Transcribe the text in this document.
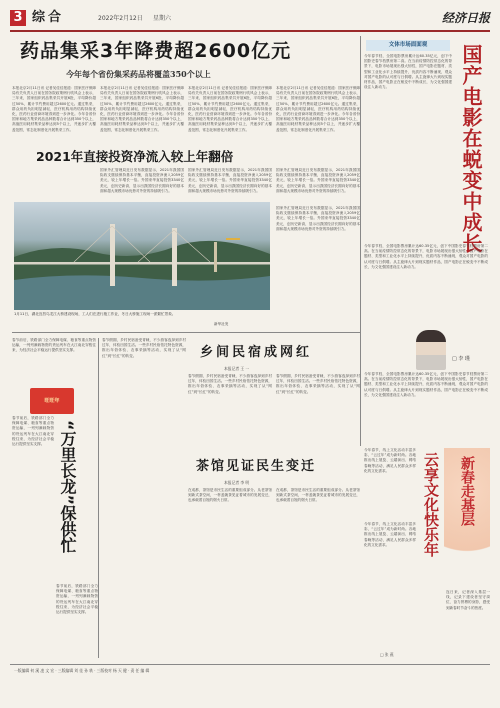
3 综合	2022年2月12日 星期六	经济日报
药品集采3年降费超2600亿元
今年每个省份集采药品将覆盖350个以上
本报北京2月11日讯 记者吴佳佳报道：国家医疗保障局有关负责人日前在国务院政策例行吹风会上表示，三年来，国家组织药品集采共开展6批，平均降价超过50%，累计节约费用超过2600亿元。通过集采，群众用药负担明显减轻，医疗机构用药结构持续优化，医药行业营商环境得到进一步净化。今年各省份国家和地方集采药品品种数将合计达到350个以上，高值医用耗材集采品种达到5个以上，并逐步扩大覆盖范围，常态化制度化开展集采工作。
本报北京2月11日讯 记者吴佳佳报道：国家医疗保障局有关负责人日前在国务院政策例行吹风会上表示，三年来，国家组织药品集采共开展6批，平均降价超过50%，累计节约费用超过2600亿元。通过集采，群众用药负担明显减轻，医疗机构用药结构持续优化，医药行业营商环境得到进一步净化。今年各省份国家和地方集采药品品种数将合计达到350个以上，高值医用耗材集采品种达到5个以上，并逐步扩大覆盖范围，常态化制度化开展集采工作。
本报北京2月11日讯 记者吴佳佳报道：国家医疗保障局有关负责人日前在国务院政策例行吹风会上表示，三年来，国家组织药品集采共开展6批，平均降价超过50%，累计节约费用超过2600亿元。通过集采，群众用药负担明显减轻，医疗机构用药结构持续优化，医药行业营商环境得到进一步净化。今年各省份国家和地方集采药品品种数将合计达到350个以上，高值医用耗材集采品种达到5个以上，并逐步扩大覆盖范围，常态化制度化开展集采工作。
本报北京2月11日讯 记者吴佳佳报道：国家医疗保障局有关负责人日前在国务院政策例行吹风会上表示，三年来，国家组织药品集采共开展6批，平均降价超过50%，累计节约费用超过2600亿元。通过集采，群众用药负担明显减轻，医疗机构用药结构持续优化，医药行业营商环境得到进一步净化。今年各省份国家和地方集采药品品种数将合计达到350个以上，高值医用耗材集采品种达到5个以上，并逐步扩大覆盖范围，常态化制度化开展集采工作。
文体市场面面观
今年春节档，全国电影票房累计达60.35亿元，创下中国影史春节档票房第二高。在当前疫情防控常态化的背景下，电影市场展现出强大韧性，国产电影在题材、类型和工业化水平上持续提升，优质内容不断涌现，观众对国产电影的认可度与日俱增。从主旋律大片到现实题材作品，国产电影正在蜕变中不断成长，为文化强国建设注入新动力。	国产电影在蜕变中成长
今年春节档，全国电影票房累计达60.35亿元，创下中国影史春节档票房第二高。在当前疫情防控常态化的背景下，电影市场展现出强大韧性，国产电影在题材、类型和工业化水平上持续提升，优质内容不断涌现，观众对国产电影的认可度与日俱增。从主旋律大片到现实题材作品，国产电影正在蜕变中不断成长，为文化强国建设注入新动力。
□ 李 瑾
今年春节档，全国电影票房累计达60.35亿元，创下中国影史春节档票房第二高。在当前疫情防控常态化的背景下，电影市场展现出强大韧性，国产电影在题材、类型和工业化水平上持续提升，优质内容不断涌现，观众对国产电影的认可度与日俱增。从主旋律大片到现实题材作品，国产电影正在蜕变中不断成长，为文化强国建设注入新动力。
2021年直接投资净流入较上年翻倍
国家外汇管理局近日发布数据显示，2021年我国国际收支继续保持基本平衡，直接投资净流入2059亿美元，较上年增长一倍。外国来华直接投资3340亿美元，创历史新高，显示出我国经济长期向好的基本面和超大规模市场优势对外资的持续吸引力。
国家外汇管理局近日发布数据显示，2021年我国国际收支继续保持基本平衡，直接投资净流入2059亿美元，较上年增长一倍。外国来华直接投资3340亿美元，创历史新高，显示出我国经济长期向好的基本面和超大规模市场优势对外资的持续吸引力。
国家外汇管理局近日发布数据显示，2021年我国国际收支继续保持基本平衡，直接投资净流入2059亿美元，较上年增长一倍。外国来华直接投资3340亿美元，创历史新高，显示出我国经济长期向好的基本面和超大规模市场优势对外资的持续吸引力。
1月11日，湖北宜昌乌龙江大桥建设现场，工人们在进行施工作业，冬日大桥施工现场一派繁忙景象。
新华社发
国家外汇管理局近日发布数据显示，2021年我国国际收支继续保持基本平衡，直接投资净流入2059亿美元，较上年增长一倍。外国来华直接投资3340亿美元，创历史新高，显示出我国经济长期向好的基本面和超大规模市场优势对外资的持续吸引力。
春节前后，铁路部门全力保障电煤、粮食等重点物资运输，一列列满载物资的货运列车在大江南北穿梭往来，为经济社会平稳运行提供坚实支撑。
旺旺年
春节前后，铁路部门全力保障电煤、粮食等重点物资运输，一列列满载物资的货运列车在大江南北穿梭往来，为经济社会平稳运行提供坚实支撑。 “万里长龙”保供忙
春节前后，铁路部门全力保障电煤、粮食等重点物资运输，一列列满载物资的货运列车在大江南北穿梭往来，为经济社会平稳运行提供坚实支撑。
春节假期，乡村民宿备受青睐，不少游客选择到乡村过年，体验田园生活。一些乡村民宿依托特色资源，推出年俗体验、农事采摘等活动，实现了从“网红”到“长红”的转变。	乡间民宿成网红
本报记者 王 一
春节假期，乡村民宿备受青睐，不少游客选择到乡村过年，体验田园生活。一些乡村民宿依托特色资源，推出年俗体验、农事采摘等活动，实现了从“网红”到“长红”的转变。
春节假期，乡村民宿备受青睐，不少游客选择到乡村过年，体验田园生活。一些乡村民宿依托特色资源，推出年俗体验、农事采摘等活动，实现了从“网红”到“长红”的转变。
茶馆见证民生变迁
本报记者 李 明
在成都，茶馆是市民生活的重要组成部分。从老茶馆到新式茶空间，一杯盖碗茶见证着城市的发展变迁，也承载着百姓的烟火日常。
在成都，茶馆是市民生活的重要组成部分。从老茶馆到新式茶空间，一杯盖碗茶见证着城市的发展变迁，也承载着百姓的烟火日常。
今年春节，线上文化活动丰富多彩，“云过年”成为新时尚。各地推出线上展览、云端演出、网络春晚等活动，满足人民群众多样化的文化需求。	云享文化快乐年
今年春节，线上文化活动丰富多彩，“云过年”成为新时尚。各地推出线上展览、云端演出、网络春晚等活动，满足人民群众多样化的文化需求。
□ 张 燕
新春走基层
连日来，记者深入基层一线，记录下建设者坚守岗位、奋力拼搏的身影，感受到新春时节奋斗的热度。
一版编辑 何 溪 凌 文 宏 · 三版编辑 刘 佳 孙 轶 · 三版校对 杨 天 健 · 责 任 编 辑
